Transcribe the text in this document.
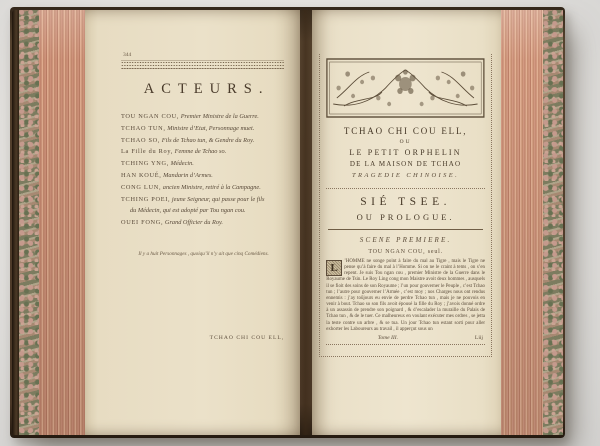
344
ACTEURS.
TOU NGAN COU, Premier Ministre de la Guerre.
TCHAO TUN, Ministre d’Etat, Personnage muet.
TCHAO SO, Fils de Tchao tun, & Gendre du Roy.
La Fille du Roy, Femme de Tchao so.
TCHING YNG, Médecin.
HAN KOUÉ, Mandarin d’Armes.
CONG LUN, ancien Ministre, retiré à la Campagne.
TCHING POEI, jeune Seigneur, qui passe pour le fils
du Médecin, qui est adopté par Tou ngan cou.
OUEI FONG, Grand Officier du Roy.
Il y a huit Personnages , quoiqu’il n’y ait que cinq Comédiens.
TCHAO CHI COU ELL,
TCHAO CHI COU ELL,
OU
LE PETIT ORPHELIN
DE LA MAISON DE TCHAO
TRAGEDIE CHINOISE.
SIÉ TSEE.
OU PROLOGUE.
SCENE PREMIERE.
TOU NGAN COU, seul.
L
’HOMME ne songe point à faire du mal au Tigre , mais le Tigre ne pense qu’à faire du mal à l’Homme. Si on ne le craint à tems , on s’en repent. Je suis Tou ngan cou , premier Ministre de la Guerre dans le Royaume de Tsin. Le Roy Ling cong mon Maistre avoit deux hommes , ausquels il se fioit des soins de son Royaume ; l’un pour gouverner le Peuple , c’est Tchao tun ; l’autre pour gouverner l’Armée , c’est moy ; nos Charges nous ont rendus ennemis : j’ay toûjours eu envie de perdre Tchao tun , mais je ne pouvois en venir à bout. Tchao so son fils avoit épousé la fille du Roy ; j’avois donné ordre à un assassin de prendre son poignard , & d’escalader la muraille du Palais de Tchao tun , & de le tuer. Ce malheureux en voulant exécuter mes ordres , se jetta la teste contre un arbre , & se tua. Un jour Tchao tun estant sorti pour aller exhorter les Laboureurs au travail , il apperçut sous un
Tome III.	Liij
